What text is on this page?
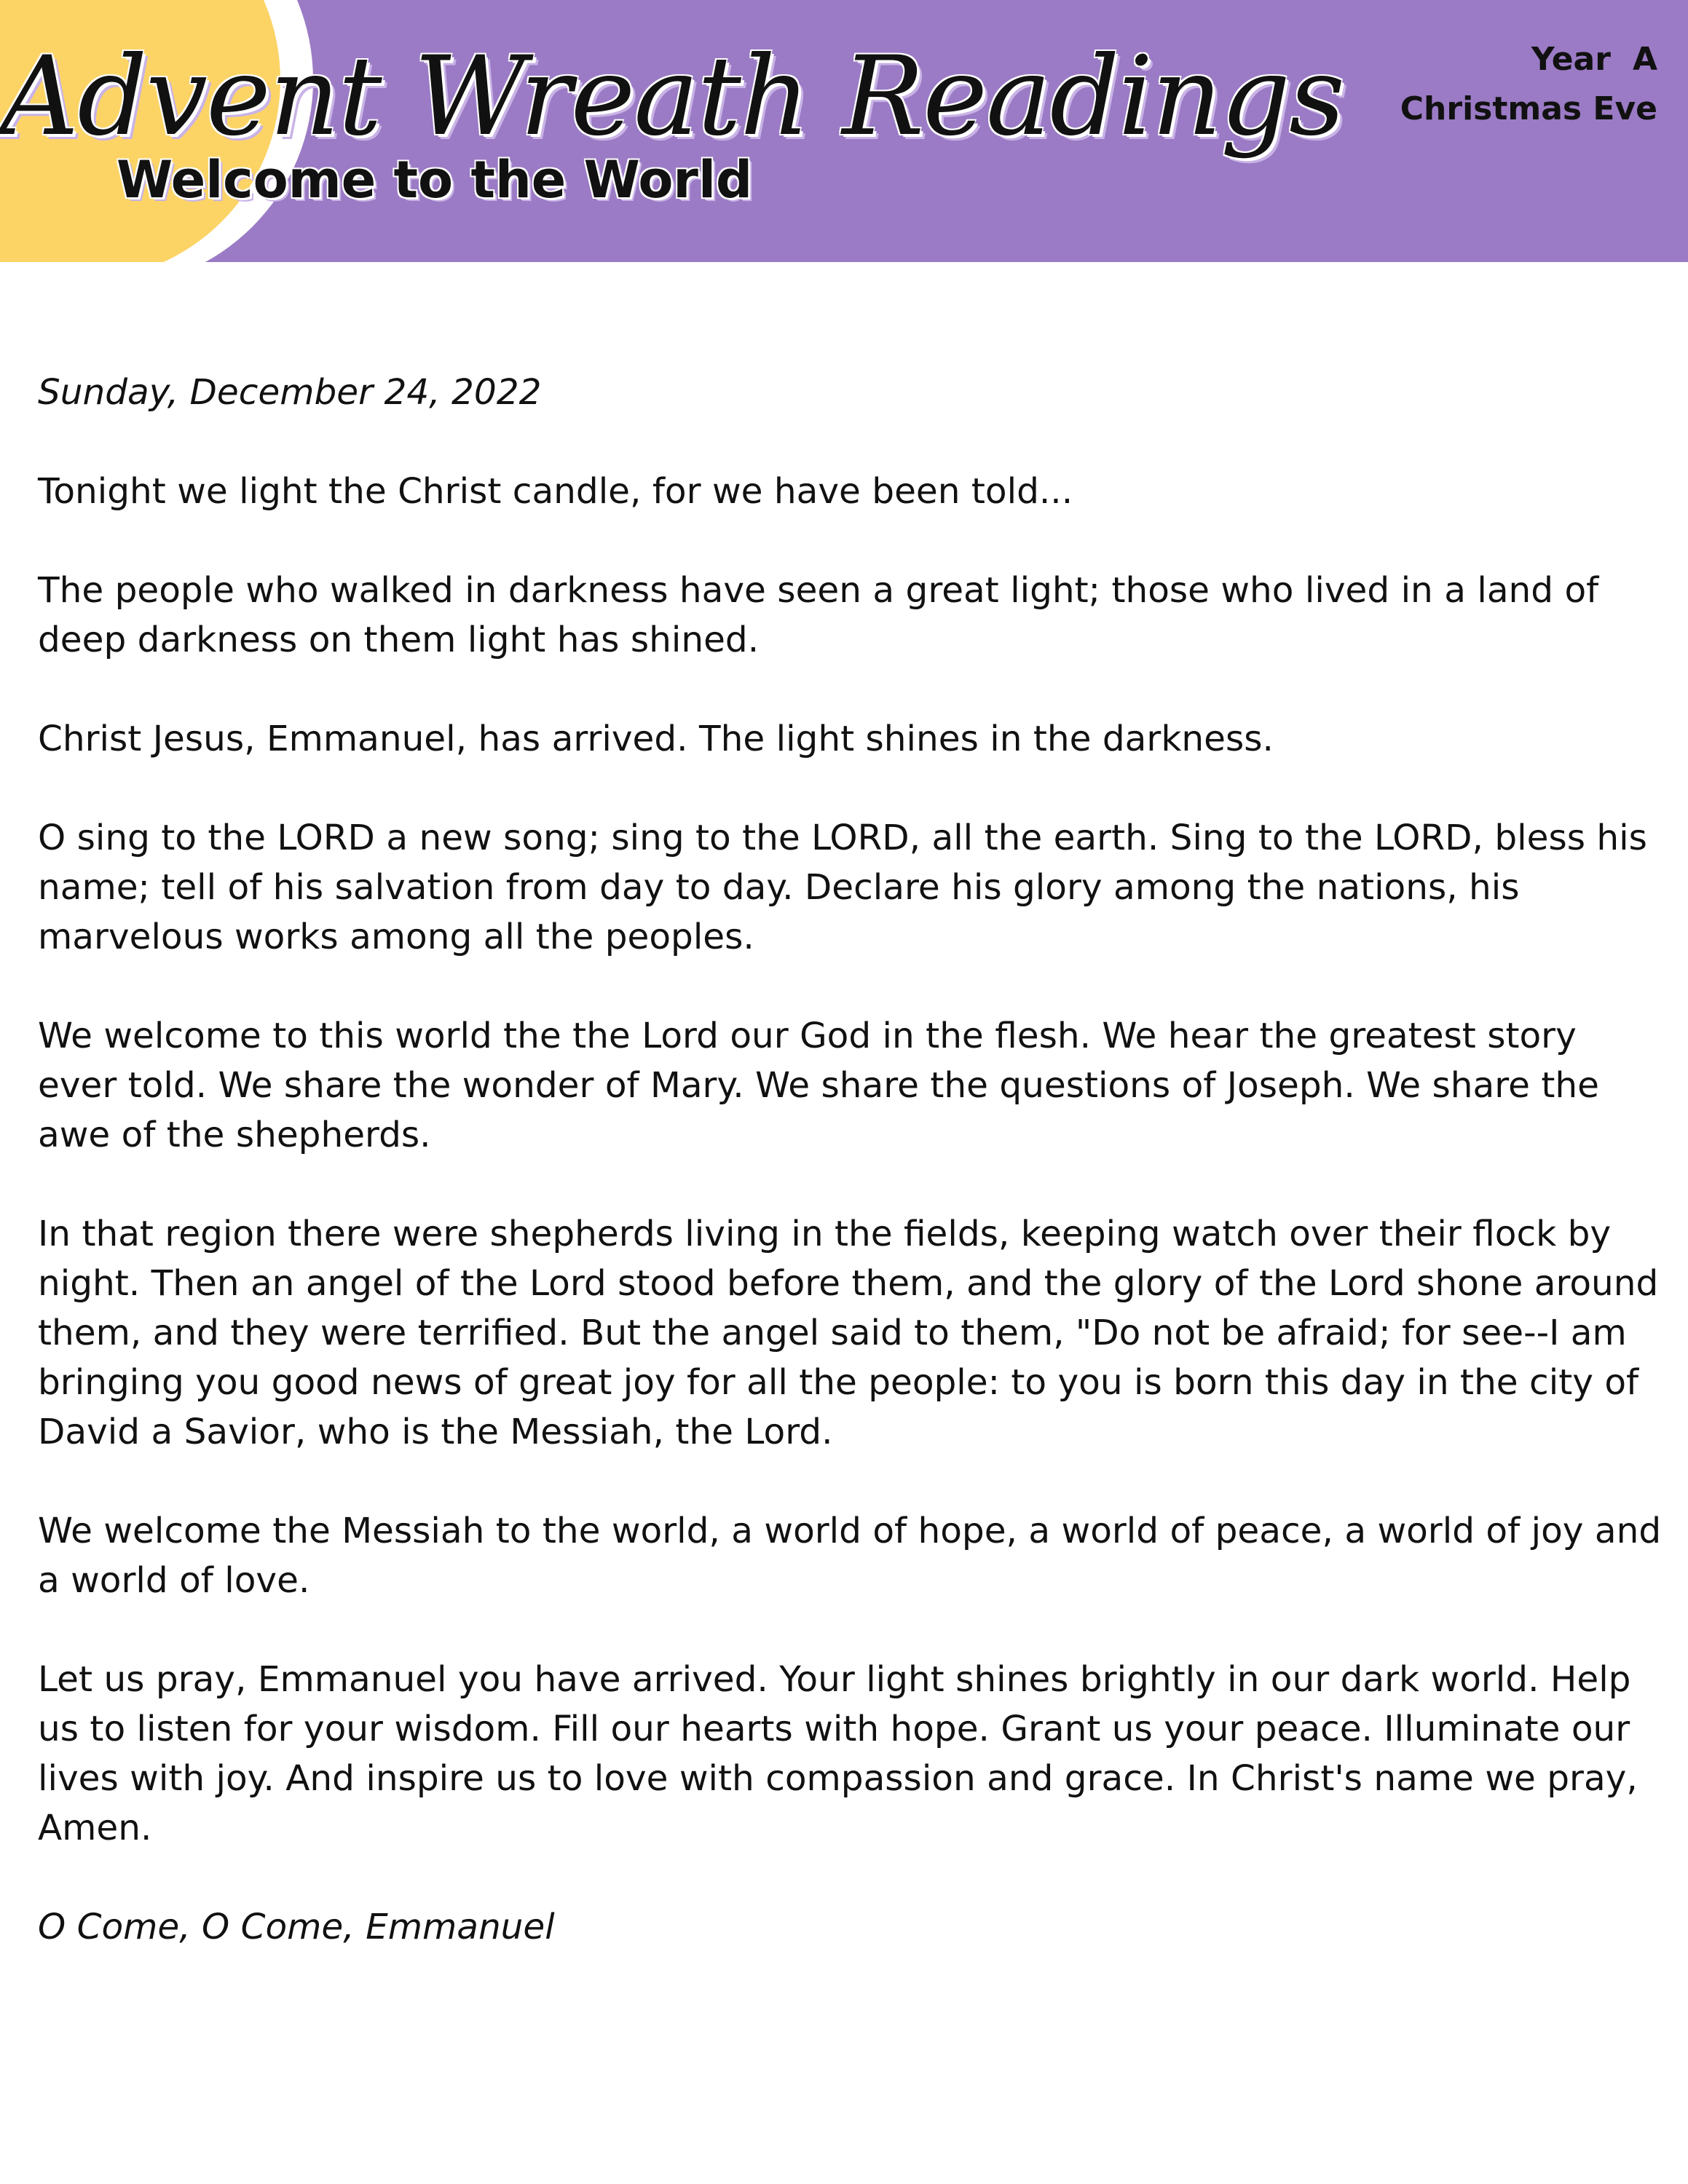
Advent Wreath Readings
Welcome to the World
Year A
Christmas Eve

Sunday, December 24, 2022

Tonight we light the Christ candle, for we have been told...

The people who walked in darkness have seen a great light; those who lived in a land of deep darkness on them light has shined.

Christ Jesus, Emmanuel, has arrived. The light shines in the darkness.

O sing to the LORD a new song; sing to the LORD, all the earth. Sing to the LORD, bless his name; tell of his salvation from day to day. Declare his glory among the nations, his marvelous works among all the peoples.

We welcome to this world the the Lord our God in the flesh. We hear the greatest story ever told. We share the wonder of Mary. We share the questions of Joseph. We share the awe of the shepherds.

In that region there were shepherds living in the fields, keeping watch over their flock by night. Then an angel of the Lord stood before them, and the glory of the Lord shone around them, and they were terrified. But the angel said to them, "Do not be afraid; for see--I am bringing you good news of great joy for all the people: to you is born this day in the city of David a Savior, who is the Messiah, the Lord.

We welcome the Messiah to the world, a world of hope, a world of peace, a world of joy and a world of love.

Let us pray, Emmanuel you have arrived. Your light shines brightly in our dark world. Help us to listen for your wisdom. Fill our hearts with hope. Grant us your peace. Illuminate our lives with joy. And inspire us to love with compassion and grace. In Christ's name we pray, Amen.

O Come, O Come, Emmanuel
